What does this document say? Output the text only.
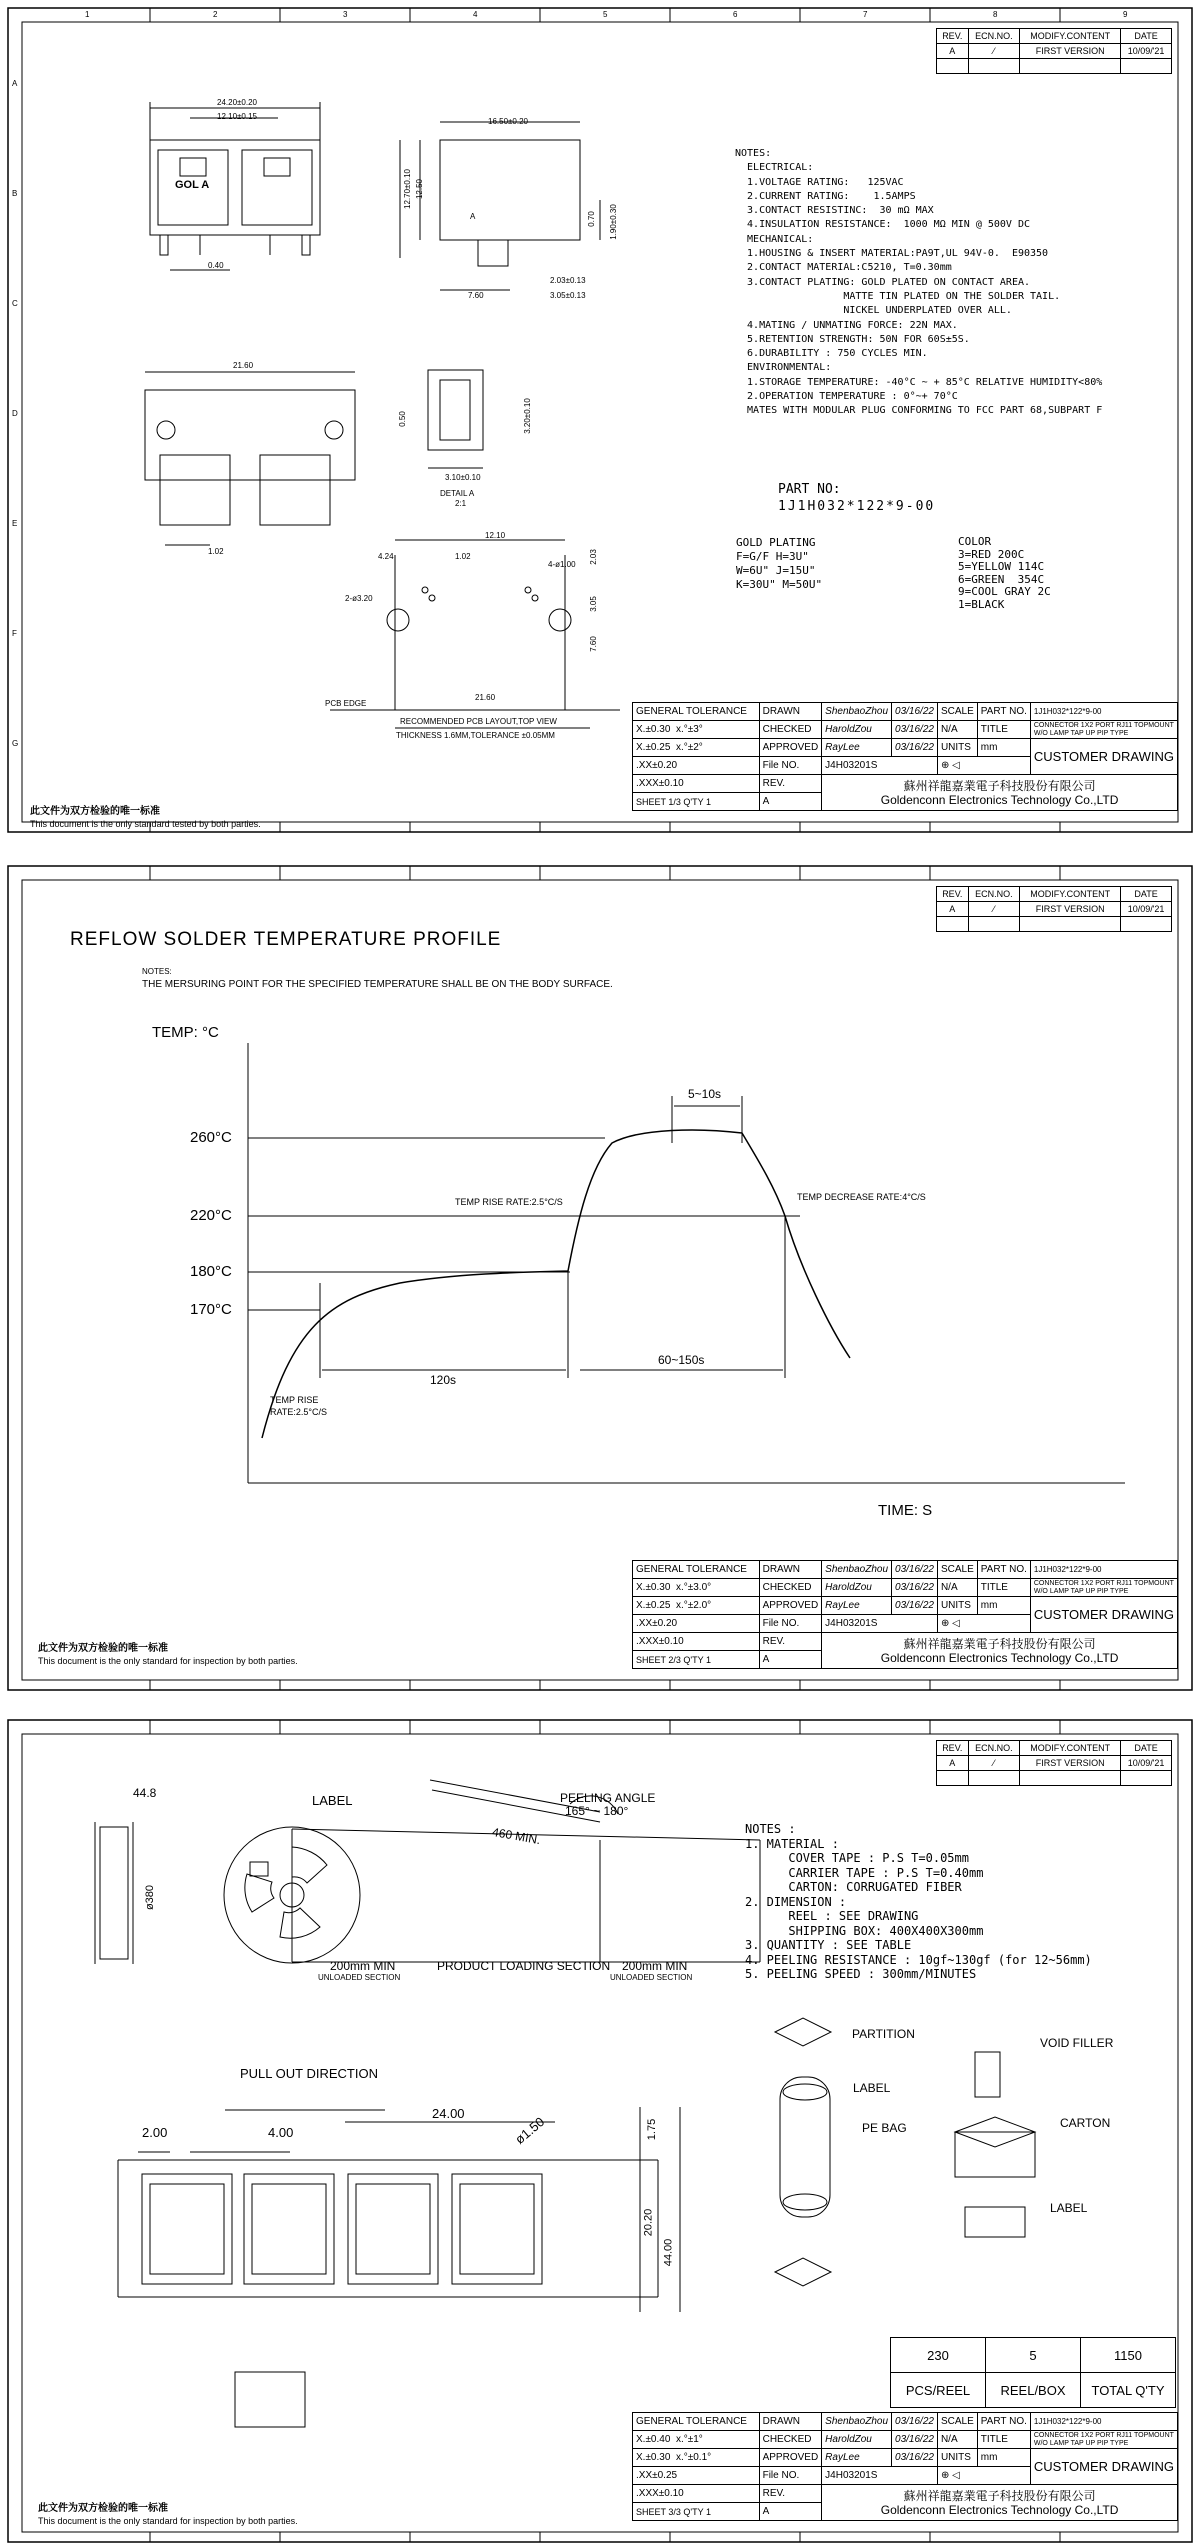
1	2	3	4	5	6	7	8	9
A
B
C
D
E
F
G
REV.	ECN.NO.	MODIFY.CONTENT	DATE
A	⁄	FIRST VERSION	10/09/'21

24.20±0.20
12.10±0.15
GOL A
0.40
16.50±0.20
12.70±0.10 12.50
0.70 1.90±0.30
A
7.60
2.03±0.13
3.05±0.13
21.60
1.02
0.50	3.20±0.10
3.10±0.10
DETAIL A
2:1
12.10
4.24	1.02
4-ø1.00 2.03
2-ø3.20	3.05
7.60
21.60
PCB EDGE
RECOMMENDED PCB LAYOUT,TOP VIEW
THICKNESS 1.6MM,TOLERANCE ±0.05MM
NOTES:
ELECTRICAL:
1.VOLTAGE RATING:   125VAC
2.CURRENT RATING:    1.5AMPS
3.CONTACT RESISTINC:  30 mΩ MAX
4.INSULATION RESISTANCE:  1000 MΩ MIN @ 500V DC
MECHANICAL:
1.HOUSING & INSERT MATERIAL:PA9T,UL 94V-0.  E90350
2.CONTACT MATERIAL:C5210, T=0.30mm
3.CONTACT PLATING: GOLD PLATED ON CONTACT AREA.
MATTE TIN PLATED ON THE SOLDER TAIL.
NICKEL UNDERPLATED OVER ALL.
4.MATING / UNMATING FORCE: 22N MAX.
5.RETENTION STRENGTH: 50N FOR 60S±5S.
6.DURABILITY : 750 CYCLES MIN.
ENVIRONMENTAL:
1.STORAGE TEMPERATURE: -40°C ~ + 85°C RELATIVE HUMIDITY<80%
2.OPERATION TEMPERATURE : 0°~+ 70°C
MATES WITH MODULAR PLUG CONFORMING TO FCC PART 68,SUBPART F
PART NO:
1J1H032*122*9-00
GOLD PLATING
F=G/F H=3U"
W=6U" J=15U"
K=30U" M=50U"
COLOR
3=RED 200C
5=YELLOW 114C
6=GREEN  354C
9=COOL GRAY 2C
1=BLACK
GENERAL TOLERANCE	DRAWN	ShenbaoZhou	03/16/22	SCALE	PART NO.	1J1H032*122*9-00
X.±0.30 x.°±3°	CHECKED	HaroldZou	03/16/22	N/A	TITLE	CONNECTOR 1X2 PORT RJ11 TOPMOUNT W/O LAMP TAP UP PIP TYPE
X.±0.25 x.°±2°	APPROVED	RayLee	03/16/22	UNITS	mm	CUSTOMER DRAWING
.XX±0.20	File NO.	J4H03201S		⊕ ◁		
.XXX±0.10	REV.	蘇州祥龍嘉業電子科技股份有限公司
Goldenconn Electronics Technology Co.,LTD				

SHEET 1/3 Q'TY 1	A					
此文件为双方检验的唯一标准
This document is the only standard tested by both parties.
REV.	ECN.NO.	MODIFY.CONTENT	DATE
A	⁄	FIRST VERSION	10/09/'21

REFLOW SOLDER TEMPERATURE PROFILE
NOTES:
THE MERSURING POINT FOR THE SPECIFIED TEMPERATURE SHALL BE ON THE BODY SURFACE.
TEMP: °C
TIME: S
260°C
220°C
180°C
170°C
TEMP RISE RATE:2.5°C/S	TEMP DECREASE RATE:4°C/S
TEMP RISE
RATE:2.5°C/S
5~10s
60~150s
120s
GENERAL TOLERANCE	DRAWN	ShenbaoZhou	03/16/22	SCALE	PART NO.	1J1H032*122*9-00
X.±0.30 x.°±3.0°	CHECKED	HaroldZou	03/16/22	N/A	TITLE	CONNECTOR 1X2 PORT RJ11 TOPMOUNT W/O LAMP TAP UP PIP TYPE
X.±0.25 x.°±2.0°	APPROVED	RayLee	03/16/22	UNITS	mm	CUSTOMER DRAWING
.XX±0.20	File NO.	J4H03201S		⊕ ◁		
.XXX±0.10	REV.	蘇州祥龍嘉業電子科技股份有限公司
Goldenconn Electronics Technology Co.,LTD				

SHEET 2/3 Q'TY 1	A					
此文件为双方检验的唯一标准
This document is the only standard for inspection by both parties.
REV.	ECN.NO.	MODIFY.CONTENT	DATE
A	⁄	FIRST VERSION	10/09/'21

44.8
ø380
LABEL	PEELING ANGLE
165° ~ 180°
460 MIN.
200mm MIN
UNLOADED SECTION
PRODUCT LOADING SECTION 200mm MIN
UNLOADED SECTION
NOTES :
1. MATERIAL :
COVER TAPE : P.S T=0.05mm
CARRIER TAPE : P.S T=0.40mm
CARTON: CORRUGATED FIBER
2. DIMENSION :
REEL : SEE DRAWING
SHIPPING BOX: 400X400X300mm
3. QUANTITY : SEE TABLE
4. PEELING RESISTANCE : 10gf~130gf (for 12~56mm)
5. PEELING SPEED : 300mm/MINUTES
PARTITION
LABEL
PE BAG
VOID FILLER
CARTON
LABEL
PULL OUT DIRECTION
2.00	4.00
24.00
ø1.50	1.75
20.20
44.00
230	5	1150
PCS/REEL	REEL/BOX	TOTAL Q'TY
GENERAL TOLERANCE	DRAWN	ShenbaoZhou	03/16/22	SCALE	PART NO.	1J1H032*122*9-00
X.±0.40 x.°±1°	CHECKED	HaroldZou	03/16/22	N/A	TITLE	CONNECTOR 1X2 PORT RJ11 TOPMOUNT W/O LAMP TAP UP PIP TYPE
X.±0.30 x.°±0.1°	APPROVED	RayLee	03/16/22	UNITS	mm	CUSTOMER DRAWING
.XX±0.25	File NO.	J4H03201S		⊕ ◁		
.XXX±0.10	REV.	蘇州祥龍嘉業電子科技股份有限公司
Goldenconn Electronics Technology Co.,LTD				

SHEET 3/3 Q'TY 1	A					
此文件为双方检验的唯一标准
This document is the only standard for inspection by both parties.
